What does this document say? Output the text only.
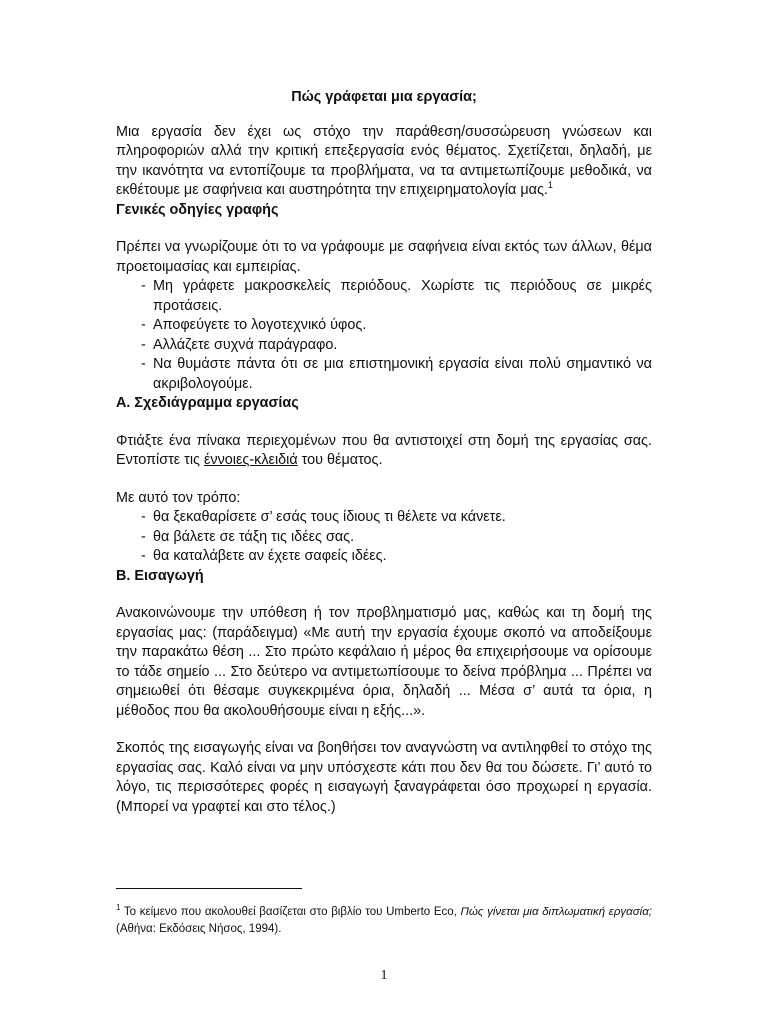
Πώς γράφεται μια εργασία;

Μια εργασία δεν έχει ως στόχο την παράθεση/συσσώρευση γνώσεων και πληροφοριών αλλά την κριτική επεξεργασία ενός θέματος. Σχετίζεται, δηλαδή, με την ικανότητα να εντοπίζουμε τα προβλήματα, να τα αντιμετωπίζουμε μεθοδικά, να εκθέτουμε με σαφήνεια και αυστηρότητα την επιχειρηματολογία μας.$^1$

Γενικές οδηγίες γραφής

Πρέπει να γνωρίζουμε ότι το να γράφουμε με σαφήνεια είναι εκτός των άλλων, θέμα προετοιμασίας και εμπειρίας.

- Μη γράφετε μακροσκελείς περιόδους. Χωρίστε τις περιόδους σε μικρές προτάσεις.
- Αποφεύγετε το λογοτεχνικό ύφος.
- Αλλάζετε συχνά παράγραφο.
- Να θυμάστε πάντα ότι σε μια επιστημονική εργασία είναι πολύ σημαντικό να ακριβολογούμε.

Α. Σχεδιάγραμμα εργασίας

Φτιάξτε ένα πίνακα περιεχομένων που θα αντιστοιχεί στη δομή της εργασίας σας. Εντοπίστε τις έννοιες-κλειδιά του θέματος.

Με αυτό τον τρόπο:

- θα ξεκαθαρίσετε σ’ εσάς τους ίδιους τι θέλετε να κάνετε.
- θα βάλετε σε τάξη τις ιδέες σας.
- θα καταλάβετε αν έχετε σαφείς ιδέες.

Β. Εισαγωγή

Ανακοινώνουμε την υπόθεση ή τον προβληματισμό μας, καθώς και τη δομή της εργασίας μας: (παράδειγμα) «Με αυτή την εργασία έχουμε σκοπό να αποδείξουμε την παρακάτω θέση ... Στο πρώτο κεφάλαιο ή μέρος θα επιχειρήσουμε να ορίσουμε το τάδε σημείο ... Στο δεύτερο να αντιμετωπίσουμε το δείνα πρόβλημα ... Πρέπει να σημειωθεί ότι θέσαμε συγκεκριμένα όρια, δηλαδή ... Μέσα σ’ αυτά τα όρια, η μέθοδος που θα ακολουθήσουμε είναι η εξής...».

Σκοπός της εισαγωγής είναι να βοηθήσει τον αναγνώστη να αντιληφθεί το στόχο της εργασίας σας. Καλό είναι να μην υπόσχεστε κάτι που δεν θα του δώσετε. Γι’ αυτό το λόγο, τις περισσότερες φορές η εισαγωγή ξαναγράφεται όσο προχωρεί η εργασία. (Μπορεί να γραφτεί και στο τέλος.)

$^1$ Το κείμενο που ακολουθεί βασίζεται στο βιβλίο του Umberto Eco, Πώς γίνεται μια διπλωματική εργασία; (Αθήνα: Εκδόσεις Νήσος, 1994).
1
